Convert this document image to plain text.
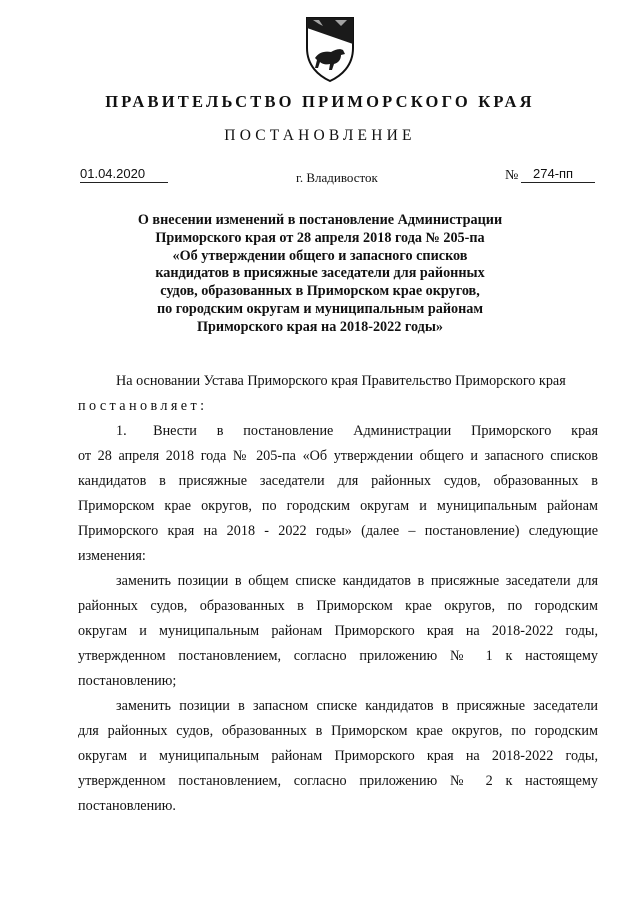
ПРАВИТЕЛЬСТВО ПРИМОРСКОГО КРАЯ
ПОСТАНОВЛЕНИЕ
01.04.2020	г. Владивосток	№	274-пп
О внесении изменений в постановление Администрации
Приморского края от 28 апреля 2018 года № 205-па
«Об утверждении общего и запасного списков
кандидатов в присяжные заседатели для районных
судов, образованных в Приморском крае округов,
по городским округам и муниципальным районам
Приморского края на 2018-2022 годы»
На основании Устава Приморского края Правительство Приморского края
постановляет:
1.    Внести   в   постановление   Администрации   Приморского   края
от 28 апреля 2018 года № 205-па «Об утверждении общего и запасного списков
кандидатов в присяжные заседатели для районных судов, образованных в
Приморском крае округов, по городским округам и муниципальным районам
Приморского края на 2018 - 2022 годы» (далее – постановление) следующие
изменения:
заменить позиции в общем списке кандидатов в присяжные заседатели для
районных судов, образованных в Приморском крае округов, по городским
округам и муниципальным районам Приморского края на 2018-2022 годы,
утвержденном постановлением, согласно приложению № 1 к настоящему
постановлению;
заменить позиции в запасном списке кандидатов в присяжные заседатели
для районных судов, образованных в Приморском крае округов, по городским
округам и муниципальным районам Приморского края на 2018-2022 годы,
утвержденном постановлением, согласно приложению № 2 к настоящему
постановлению.
